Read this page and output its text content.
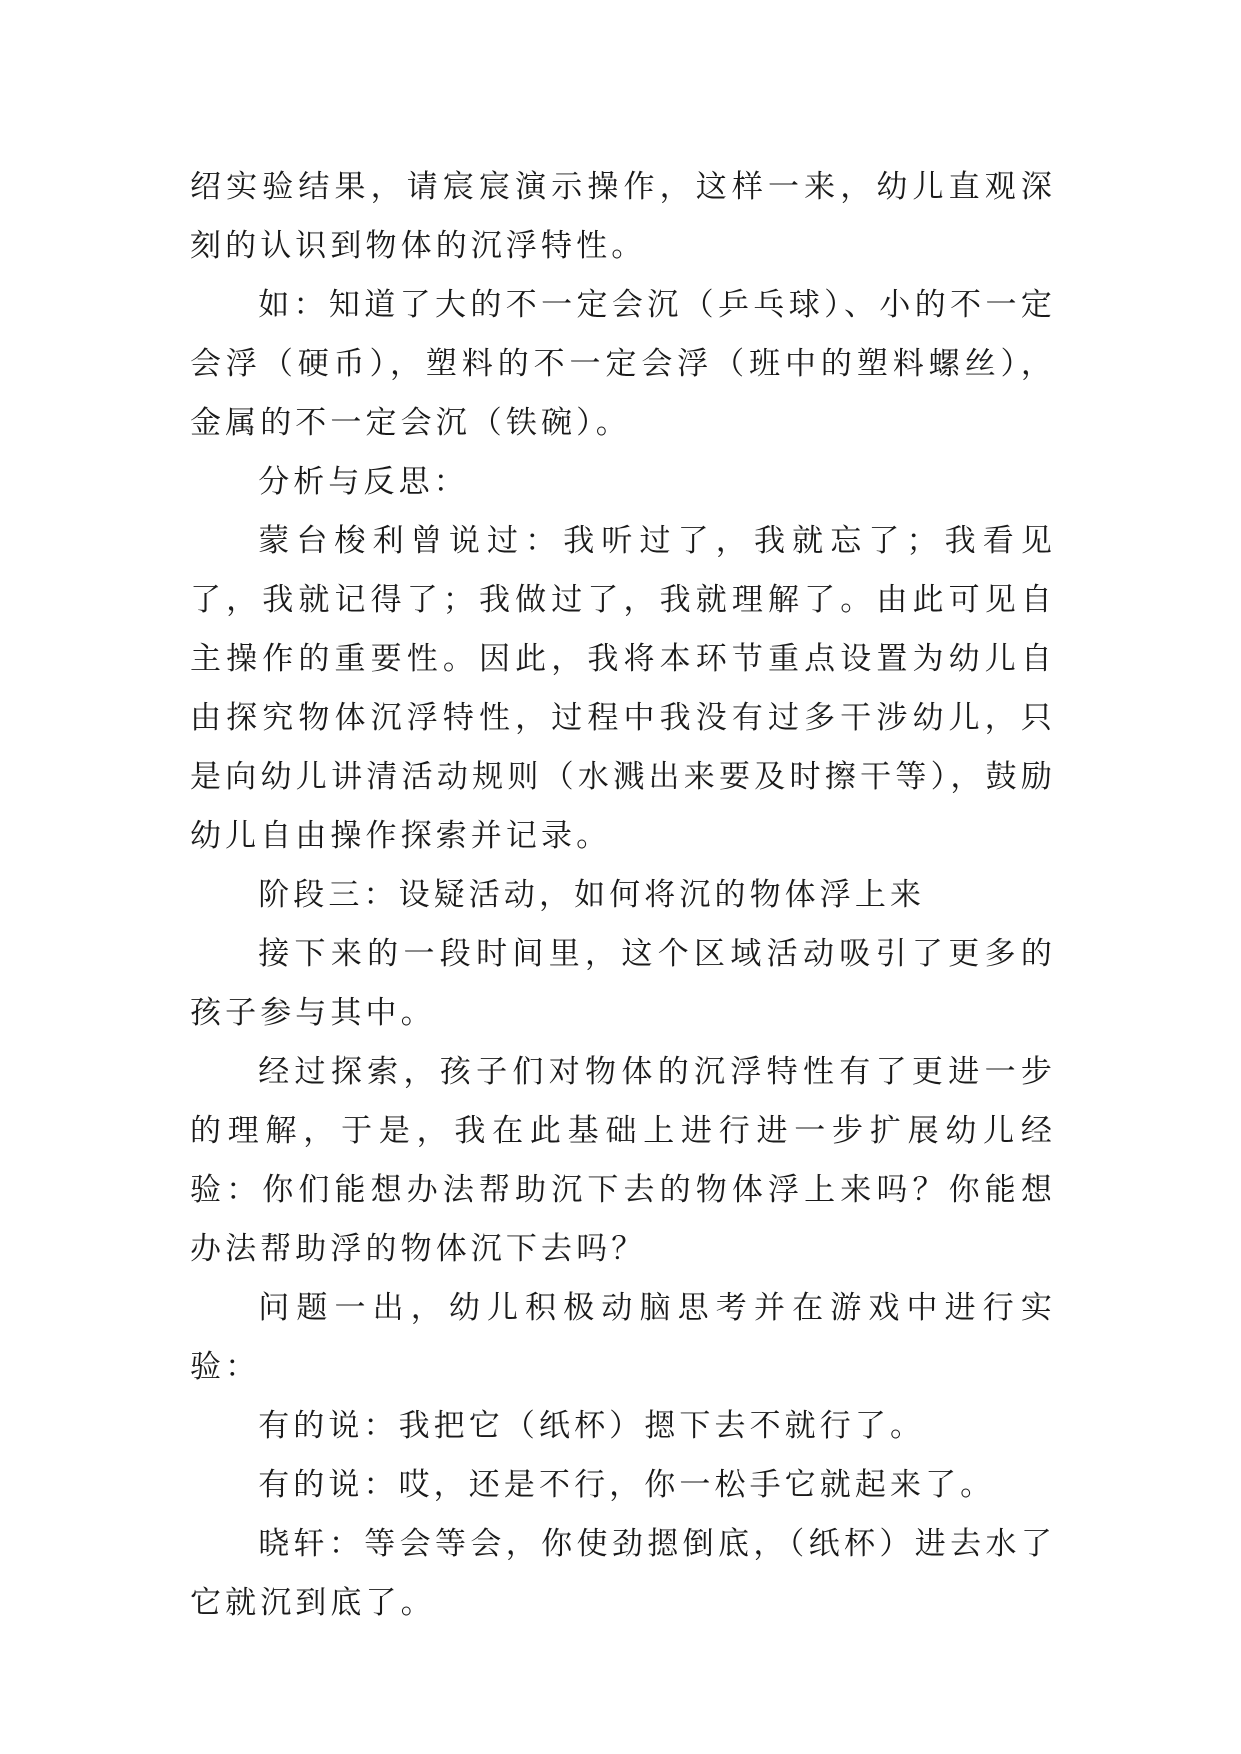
绍实验结果，请宸宸演示操作，这样一来，幼儿直观深刻的认识到物体的沉浮特性。

如：知道了大的不一定会沉（乒乓球）、小的不一定会浮（硬币），塑料的不一定会浮（班中的塑料螺丝），金属的不一定会沉（铁碗）。

分析与反思：

蒙台梭利曾说过：我听过了，我就忘了；我看见了，我就记得了；我做过了，我就理解了。由此可见自主操作的重要性。因此，我将本环节重点设置为幼儿自由探究物体沉浮特性，过程中我没有过多干涉幼儿，只是向幼儿讲清活动规则（水溅出来要及时擦干等），鼓励幼儿自由操作探索并记录。

阶段三：设疑活动，如何将沉的物体浮上来

接下来的一段时间里，这个区域活动吸引了更多的孩子参与其中。

经过探索，孩子们对物体的沉浮特性有了更进一步的理解，于是，我在此基础上进行进一步扩展幼儿经验：你们能想办法帮助沉下去的物体浮上来吗？你能想办法帮助浮的物体沉下去吗？

问题一出，幼儿积极动脑思考并在游戏中进行实验：

有的说：我把它（纸杯）摁下去不就行了。

有的说：哎，还是不行，你一松手它就起来了。

晓轩：等会等会，你使劲摁倒底，（纸杯）进去水了它就沉到底了。
